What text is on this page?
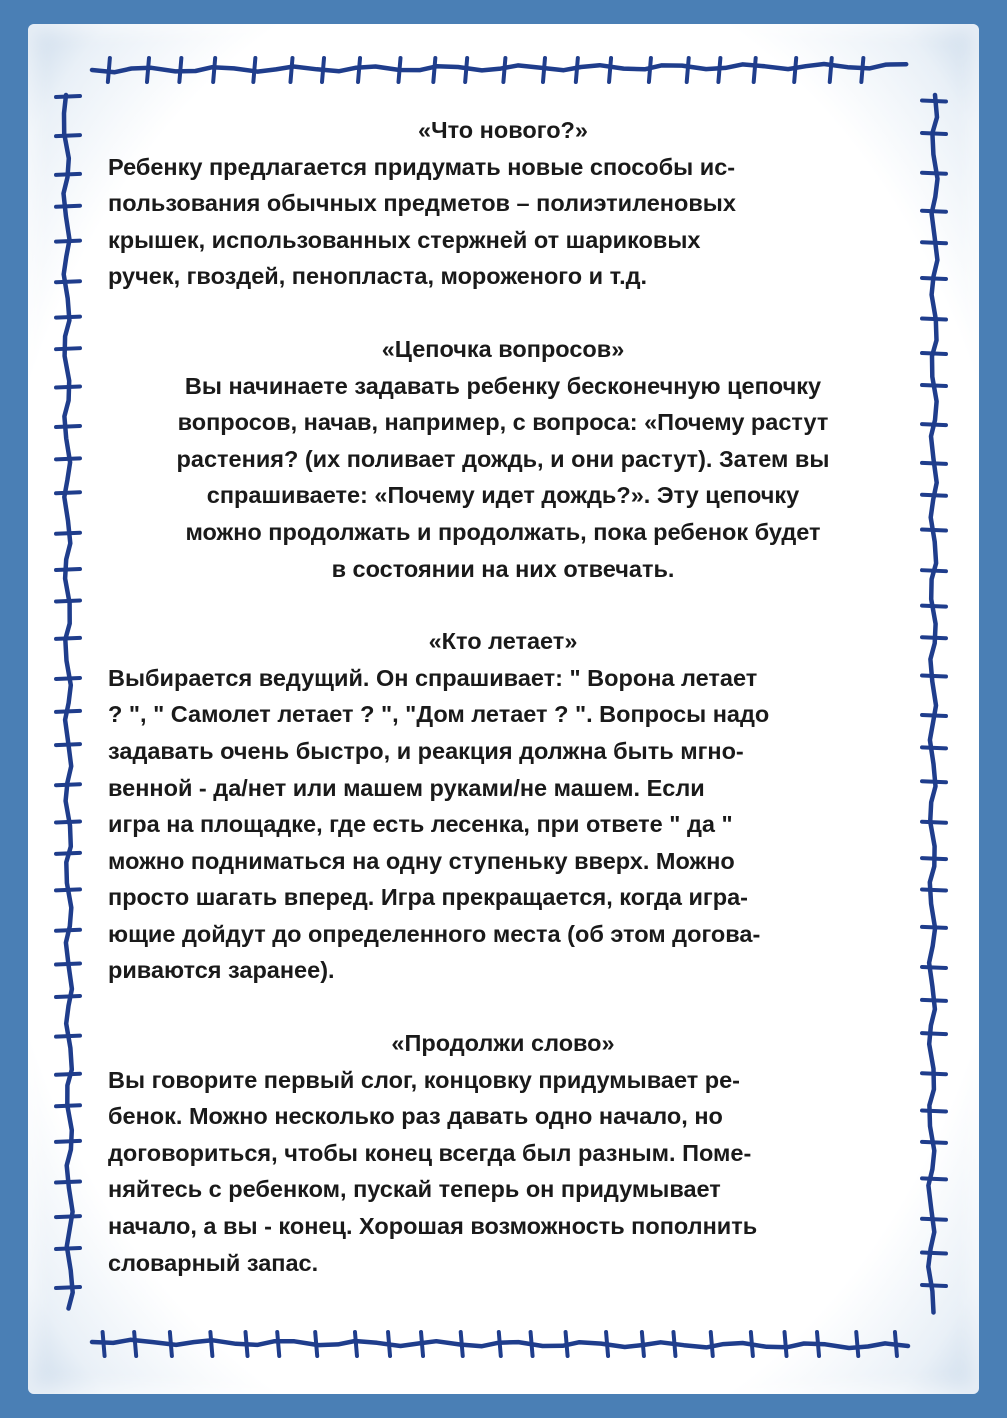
«Что нового?»
Ребенку предлагается придумать новые способы ис-
пользования обычных предметов – полиэтиленовых
крышек, использованных стержней от шариковых
ручек, гвоздей, пенопласта, мороженого и т.д.
«Цепочка вопросов»
Вы начинаете задавать ребенку бесконечную цепочку
вопросов, начав, например, с вопроса: «Почему растут
растения? (их поливает дождь, и они растут). Затем вы
спрашиваете: «Почему идет дождь?». Эту цепочку
можно продолжать и продолжать, пока ребенок будет
в состоянии на них отвечать.
«Кто летает»
Выбирается ведущий. Он спрашивает: " Ворона летает
? ", " Самолет летает ? ", "Дом летает ? ". Вопросы надо
задавать очень быстро, и реакция должна быть мгно-
венной - да/нет или машем руками/не машем. Если
игра на площадке, где есть лесенка, при ответе " да "
можно подниматься на одну ступеньку вверх. Можно
просто шагать вперед. Игра прекращается, когда игра-
ющие дойдут до определенного места (об этом догова-
риваются заранее).
«Продолжи слово»
Вы говорите первый слог, концовку придумывает ре-
бенок. Можно несколько раз давать одно начало, но
договориться, чтобы конец всегда был разным. Поме-
няйтесь с ребенком, пускай теперь он придумывает
начало, а вы - конец. Хорошая возможность пополнить
словарный запас.
